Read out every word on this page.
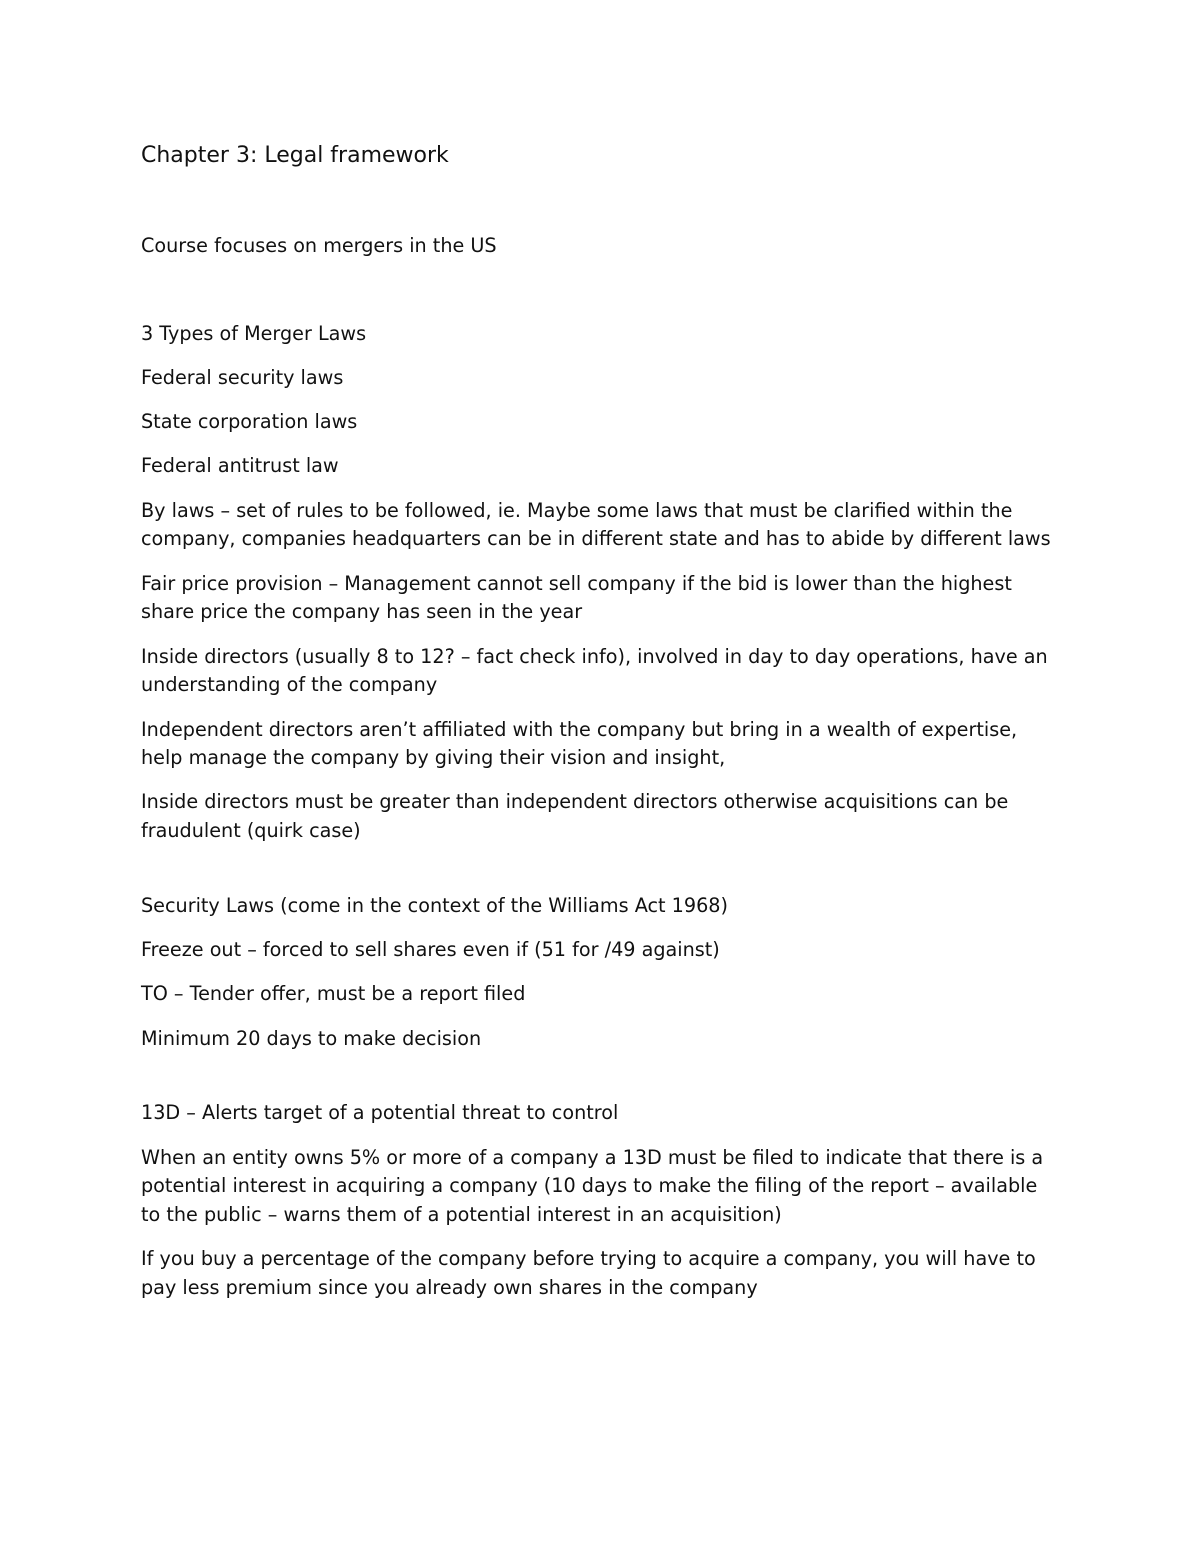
Chapter 3: Legal framework
Course focuses on mergers in the US
3 Types of Merger Laws
Federal security laws
State corporation laws
Federal antitrust law
By laws – set of rules to be followed, ie. Maybe some laws that must be clarified within the company, companies headquarters can be in different state and has to abide by different laws
Fair price provision – Management cannot sell company if the bid is lower than the highest share price the company has seen in the year
Inside directors (usually 8 to 12? – fact check info), involved in day to day operations, have an understanding of the company
Independent directors aren’t affiliated with the company but bring in a wealth of expertise, help manage the company by giving their vision and insight,
Inside directors must be greater than independent directors otherwise acquisitions can be fraudulent (quirk case)
Security Laws (come in the context of the Williams Act 1968)
Freeze out – forced to sell shares even if (51 for /49 against)
TO – Tender offer, must be a report filed
Minimum 20 days to make decision
13D – Alerts target of a potential threat to control
When an entity owns 5% or more of a company a 13D must be filed to indicate that there is a potential interest in acquiring a company (10 days to make the filing of the report – available to the public – warns them of a potential interest in an acquisition)
If you buy a percentage of the company before trying to acquire a company, you will have to pay less premium since you already own shares in the company
